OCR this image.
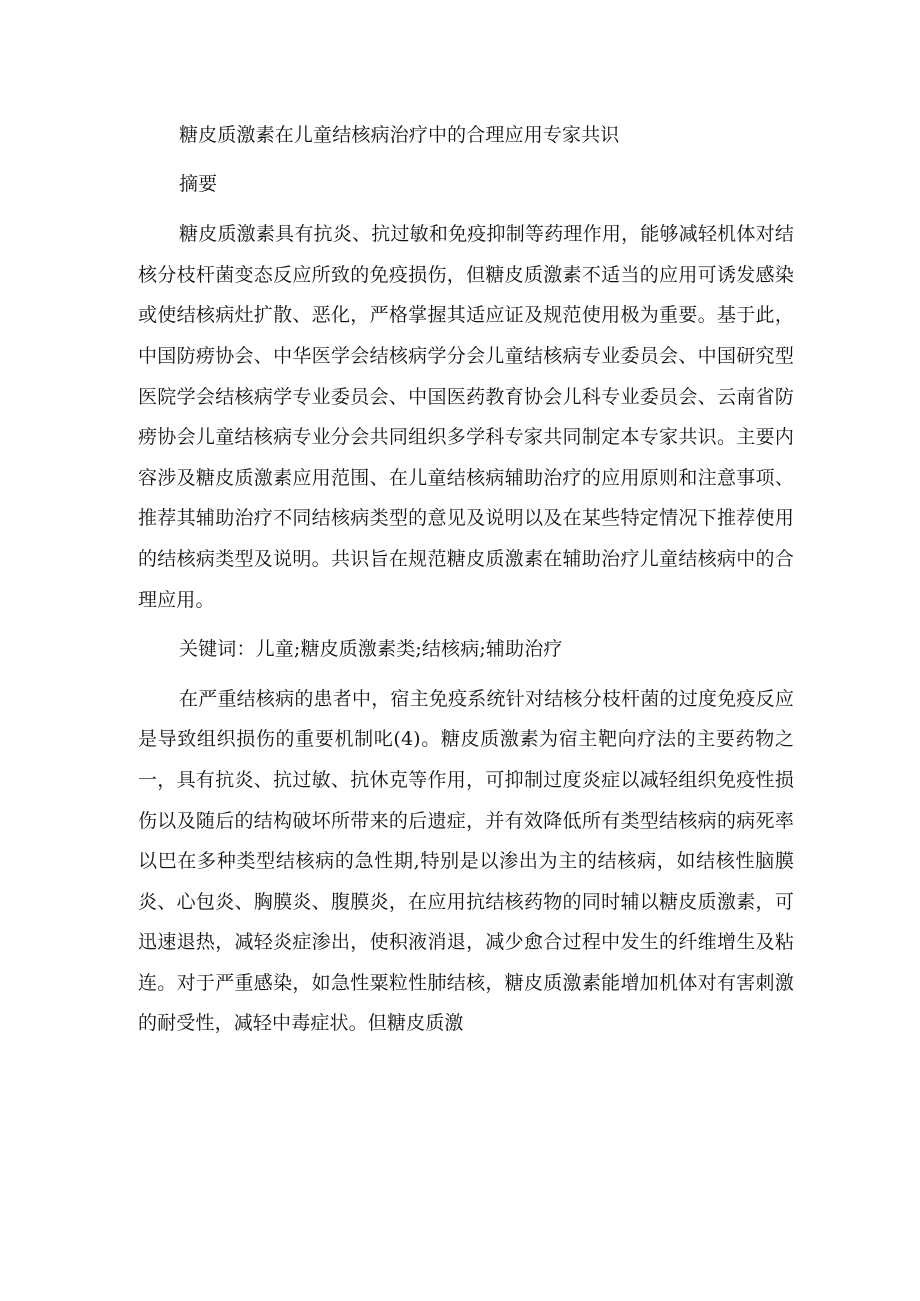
糖皮质激素在儿童结核病治疗中的合理应用专家共识

摘要

糖皮质激素具有抗炎、抗过敏和免疫抑制等药理作用，能够减轻机体对结核分枝杆菌变态反应所致的免疫损伤，但糖皮质激素不适当的应用可诱发感染或使结核病灶扩散、恶化，严格掌握其适应证及规范使用极为重要。基于此，中国防痨协会、中华医学会结核病学分会儿童结核病专业委员会、中国研究型医院学会结核病学专业委员会、中国医药教育协会儿科专业委员会、云南省防痨协会儿童结核病专业分会共同组织多学科专家共同制定本专家共识。主要内容涉及糖皮质激素应用范围、在儿童结核病辅助治疗的应用原则和注意事项、推荐其辅助治疗不同结核病类型的意见及说明以及在某些特定情况下推荐使用的结核病类型及说明。共识旨在规范糖皮质激素在辅助治疗儿童结核病中的合理应用。

关键词：儿童;糖皮质激素类;结核病;辅助治疗

在严重结核病的患者中，宿主免疫系统针对结核分枝杆菌的过度免疫反应是导致组织损伤的重要机制叱(4)。糖皮质激素为宿主靶向疗法的主要药物之一，具有抗炎、抗过敏、抗休克等作用，可抑制过度炎症以减轻组织免疫性损伤以及随后的结构破坏所带来的后遗症，并有效降低所有类型结核病的病死率以巴在多种类型结核病的急性期,特别是以渗出为主的结核病，如结核性脑膜炎、心包炎、胸膜炎、腹膜炎，在应用抗结核药物的同时辅以糖皮质激素，可迅速退热，减轻炎症渗出，使积液消退，减少愈合过程中发生的纤维增生及粘连。对于严重感染，如急性粟粒性肺结核，糖皮质激素能增加机体对有害刺激的耐受性，减轻中毒症状。但糖皮质激
